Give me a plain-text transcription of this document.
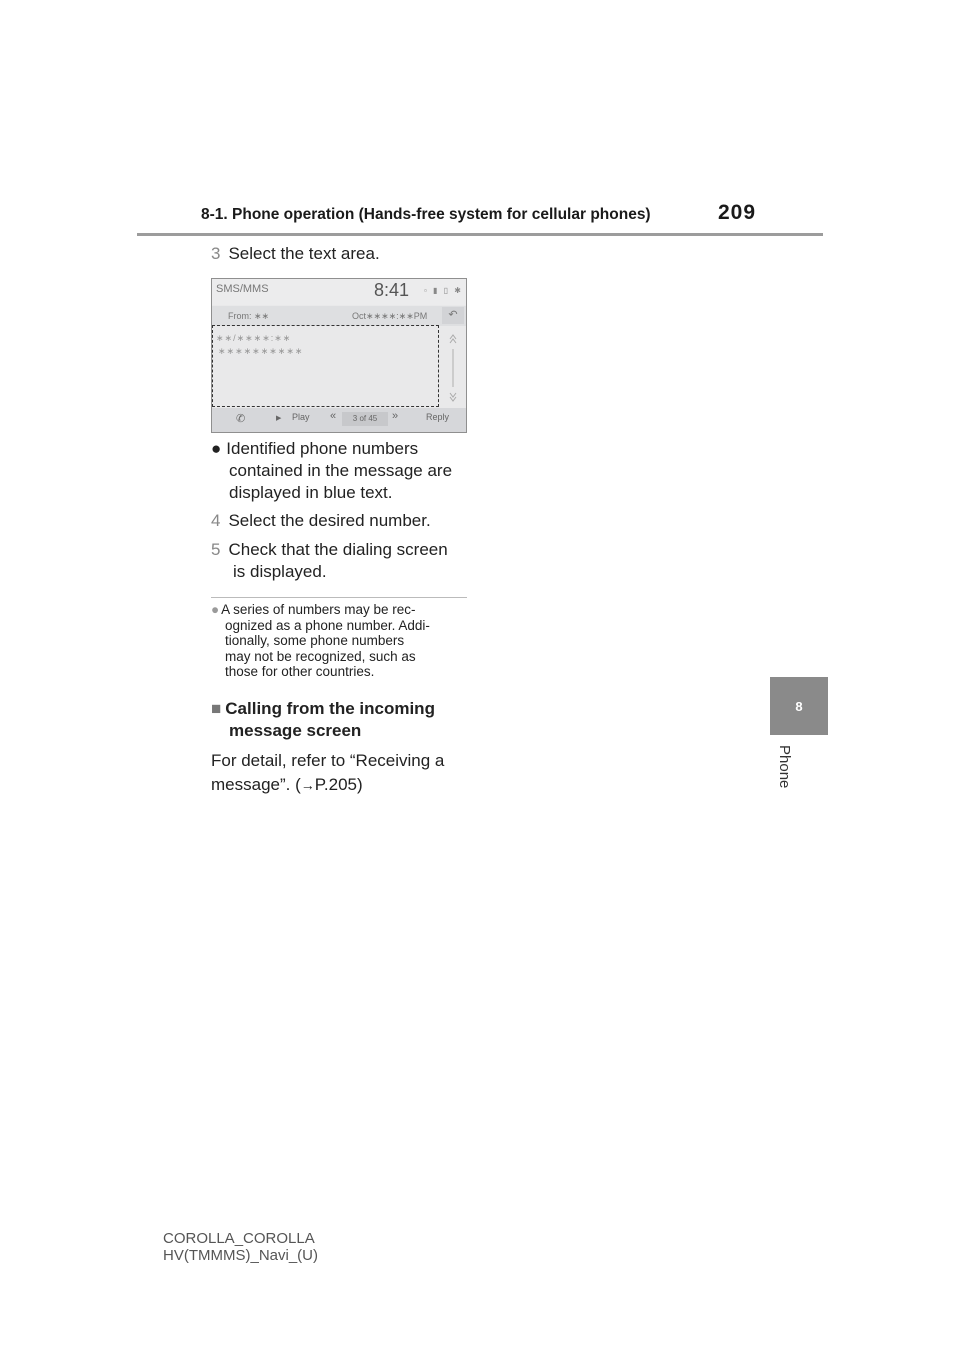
8-1. Phone operation (Hands-free system for cellular phones)	209
8
Phone
3 Select the text area.
SMS/MMS	8:41 ▫ ▮ ▯ ✱
From: ∗∗	Oct∗∗∗∗:∗∗PM	↶
∗∗/∗∗∗∗:∗∗
∗∗∗∗∗∗∗∗∗∗
✆	▶ Play «	3 of 45	»	Reply
● Identified phone numbers
contained in the message are
displayed in blue text.
4 Select the desired number.
5 Check that the dialing screen
is displayed.
● A series of numbers may be rec-
ognized as a phone number. Addi-
tionally, some phone numbers
may not be recognized, such as
those for other countries.
■ Calling from the incoming
message screen
For detail, refer to “Receiving a
message”. (→P.205)
COROLLA_COROLLA
HV(TMMMS)_Navi_(U)
